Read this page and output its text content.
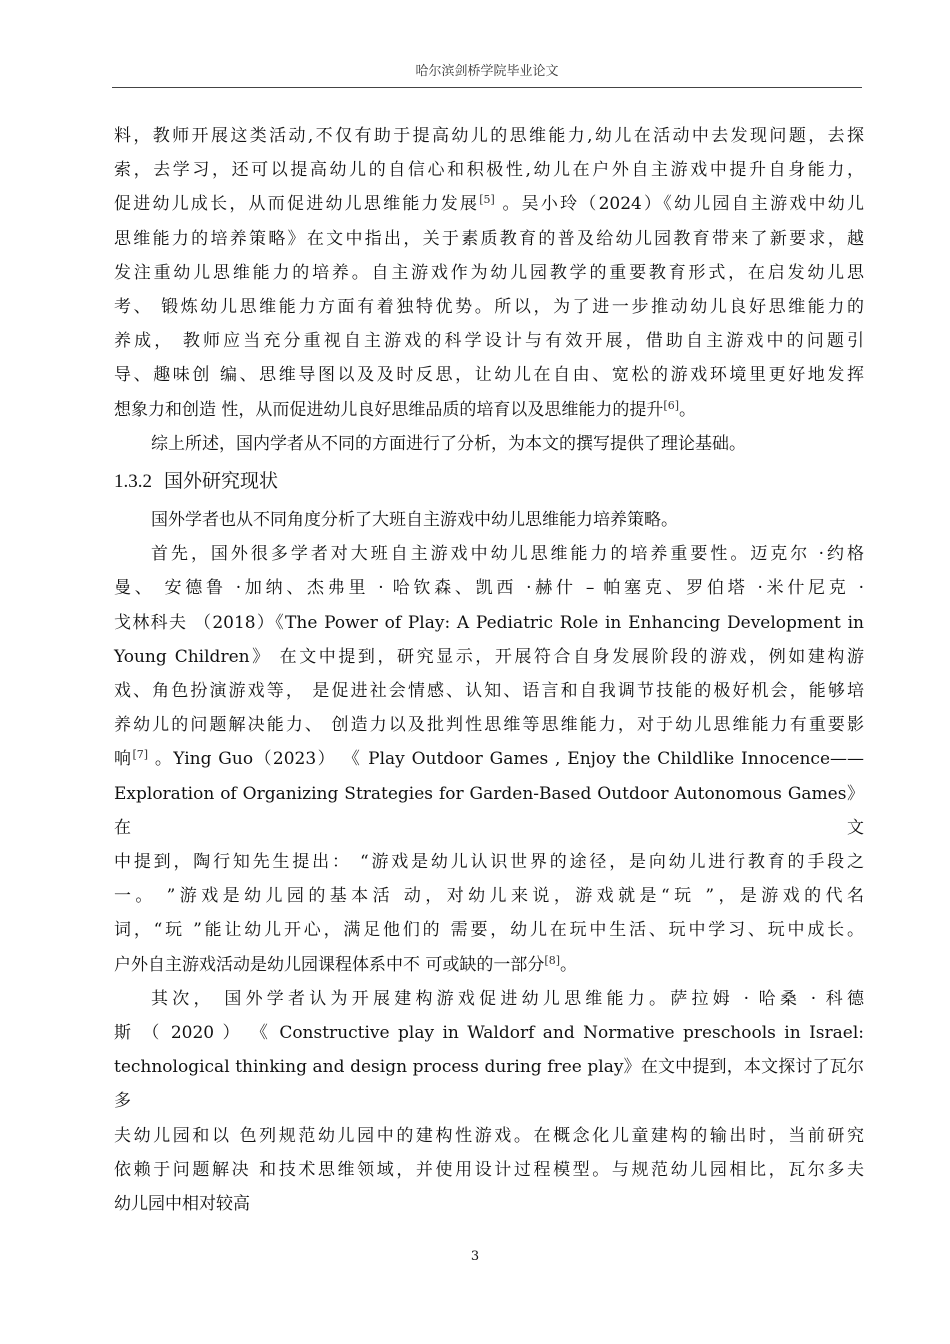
哈尔滨剑桥学院毕业论文

料，教师开展这类活动,不仅有助于提高幼儿的思维能力,幼儿在活动中去发现问题，去探

索，去学习，还可以提高幼儿的自信心和积极性,幼儿在户外自主游戏中提升自身能力，

促进幼儿成长，从而促进幼儿思维能力发展[5] 。吴小玲（2024）《幼儿园自主游戏中幼儿

思维能力的培养策略》在文中指出，关于素质教育的普及给幼儿园教育带来了新要求，越

发注重幼儿思维能力的培养。自主游戏作为幼儿园教学的重要教育形式，在启发幼儿思

考、 锻炼幼儿思维能力方面有着独特优势。所以，为了进一步推动幼儿良好思维能力的

养成， 教师应当充分重视自主游戏的科学设计与有效开展，借助自主游戏中的问题引

导、趣味创 编、思维导图以及及时反思，让幼儿在自由、宽松的游戏环境里更好地发挥

想象力和创造 性，从而促进幼儿良好思维品质的培育以及思维能力的提升[6]。

综上所述，国内学者从不同的方面进行了分析，为本文的撰写提供了理论基础。

1.3.2 国外研究现状

国外学者也从不同角度分析了大班自主游戏中幼儿思维能力培养策略。

首先，国外很多学者对大班自主游戏中幼儿思维能力的培养重要性。迈克尔 ·约格

曼、 安德鲁 ·加纳、杰弗里 · 哈钦森、凯西 ·赫什 – 帕塞克、罗伯塔 ·米什尼克 ·

戈林科夫 （2018）《The Power of Play: A Pediatric Role in Enhancing Development in

Young Children》 在文中提到，研究显示，开展符合自身发展阶段的游戏，例如建构游

戏、角色扮演游戏等， 是促进社会情感、认知、语言和自我调节技能的极好机会，能够培

养幼儿的问题解决能力、 创造力以及批判性思维等思维能力，对于幼儿思维能力有重要影

响[7] 。Ying Guo（2023） 《 Play Outdoor Games , Enjoy the Childlike Innocence——

Exploration of Organizing Strategies for Garden-Based Outdoor Autonomous Games》在文

中提到，陶行知先生提出： “游戏是幼儿认识世界的途径，是向幼儿进行教育的手段之

一。 ”游戏是幼儿园的基本活 动，对幼儿来说，游戏就是“玩 ”，是游戏的代名

词，“玩 ”能让幼儿开心，满足他们的 需要，幼儿在玩中生活、玩中学习、玩中成长。

户外自主游戏活动是幼儿园课程体系中不 可或缺的一部分[8]。

其次， 国外学者认为开展建构游戏促进幼儿思维能力。萨拉姆 · 哈桑 · 科德

斯 （ 2020 ） 《 Constructive play in Waldorf and Normative preschools in Israel:

technological thinking and design process during free play》在文中提到，本文探讨了瓦尔多

夫幼儿园和以 色列规范幼儿园中的建构性游戏。在概念化儿童建构的输出时，当前研究

依赖于问题解决 和技术思维领域，并使用设计过程模型。与规范幼儿园相比，瓦尔多夫

幼儿园中相对较高

3
